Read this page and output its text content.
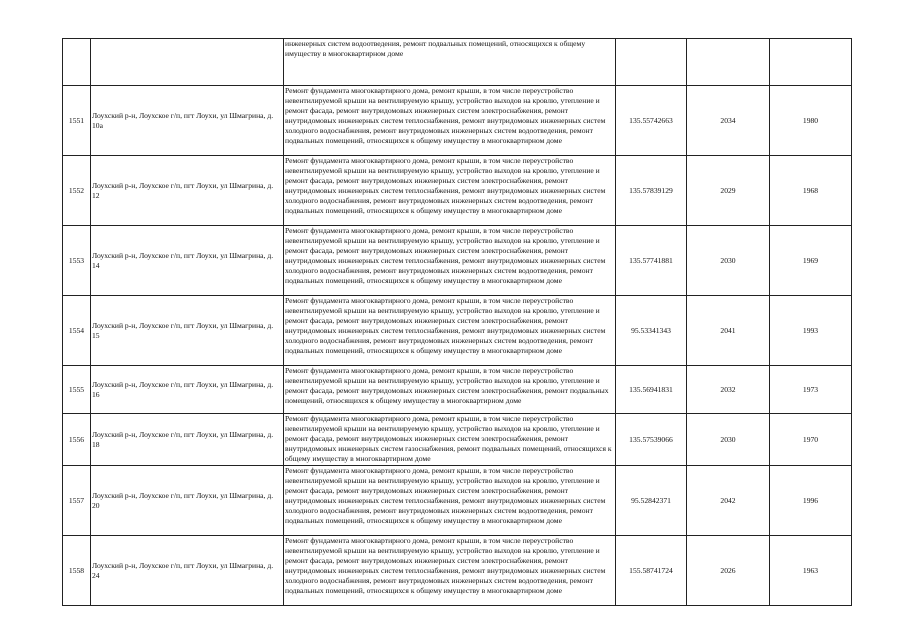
		инженерных систем водоотведения, ремонт подвальных помещений, относящихся к общему имуществу в многоквартирном доме			
1551	Лоухский р-н, Лоухское г/п, пгт Лоухи, ул Шмагрина, д. 10а	Ремонт фундамента многоквартирного дома, ремонт крыши, в том числе переустройство невентилируемой крыши на вентилируемую крышу, устройство выходов на кровлю, утепление и ремонт фасада, ремонт внутридомовых инженерных систем электроснабжения, ремонт внутридомовых инженерных систем теплоснабжения, ремонт внутридомовых инженерных систем холодного водоснабжения, ремонт внутридомовых инженерных систем водоотведения, ремонт подвальных помещений, относящихся к общему имуществу в многоквартирном доме	135.55742663	2034	1980
1552	Лоухский р-н, Лоухское г/п, пгт Лоухи, ул Шмагрина, д. 12	Ремонт фундамента многоквартирного дома, ремонт крыши, в том числе переустройство невентилируемой крыши на вентилируемую крышу, устройство выходов на кровлю, утепление и ремонт фасада, ремонт внутридомовых инженерных систем электроснабжения, ремонт внутридомовых инженерных систем теплоснабжения, ремонт внутридомовых инженерных систем холодного водоснабжения, ремонт внутридомовых инженерных систем водоотведения, ремонт подвальных помещений, относящихся к общему имуществу в многоквартирном доме	135.57839129	2029	1968
1553	Лоухский р-н, Лоухское г/п, пгт Лоухи, ул Шмагрина, д. 14	Ремонт фундамента многоквартирного дома, ремонт крыши, в том числе переустройство невентилируемой крыши на вентилируемую крышу, устройство выходов на кровлю, утепление и ремонт фасада, ремонт внутридомовых инженерных систем электроснабжения, ремонт внутридомовых инженерных систем теплоснабжения, ремонт внутридомовых инженерных систем холодного водоснабжения, ремонт внутридомовых инженерных систем водоотведения, ремонт подвальных помещений, относящихся к общему имуществу в многоквартирном доме	135.57741881	2030	1969
1554	Лоухский р-н, Лоухское г/п, пгт Лоухи, ул Шмагрина, д. 15	Ремонт фундамента многоквартирного дома, ремонт крыши, в том числе переустройство невентилируемой крыши на вентилируемую крышу, устройство выходов на кровлю, утепление и ремонт фасада, ремонт внутридомовых инженерных систем электроснабжения, ремонт внутридомовых инженерных систем теплоснабжения, ремонт внутридомовых инженерных систем холодного водоснабжения, ремонт внутридомовых инженерных систем водоотведения, ремонт подвальных помещений, относящихся к общему имуществу в многоквартирном доме	95.53341343	2041	1993
1555	Лоухский р-н, Лоухское г/п, пгт Лоухи, ул Шмагрина, д. 16	Ремонт фундамента многоквартирного дома, ремонт крыши, в том числе переустройство невентилируемой крыши на вентилируемую крышу, устройство выходов на кровлю, утепление и ремонт фасада, ремонт внутридомовых инженерных систем электроснабжения, ремонт подвальных помещений, относящихся к общему имуществу в многоквартирном доме	135.56941831	2032	1973
1556	Лоухский р-н, Лоухское г/п, пгт Лоухи, ул Шмагрина, д. 18	Ремонт фундамента многоквартирного дома, ремонт крыши, в том числе переустройство невентилируемой крыши на вентилируемую крышу, устройство выходов на кровлю, утепление и ремонт фасада, ремонт внутридомовых инженерных систем электроснабжения, ремонт внутридомовых инженерных систем газоснабжения, ремонт подвальных помещений, относящихся к общему имуществу в многоквартирном доме	135.57539066	2030	1970
1557	Лоухский р-н, Лоухское г/п, пгт Лоухи, ул Шмагрина, д. 20	Ремонт фундамента многоквартирного дома, ремонт крыши, в том числе переустройство невентилируемой крыши на вентилируемую крышу, устройство выходов на кровлю, утепление и ремонт фасада, ремонт внутридомовых инженерных систем электроснабжения, ремонт внутридомовых инженерных систем теплоснабжения, ремонт внутридомовых инженерных систем холодного водоснабжения, ремонт внутридомовых инженерных систем водоотведения, ремонт подвальных помещений, относящихся к общему имуществу в многоквартирном доме	95.52842371	2042	1996
1558	Лоухский р-н, Лоухское г/п, пгт Лоухи, ул Шмагрина, д. 24	Ремонт фундамента многоквартирного дома, ремонт крыши, в том числе переустройство невентилируемой крыши на вентилируемую крышу, устройство выходов на кровлю, утепление и ремонт фасада, ремонт внутридомовых инженерных систем электроснабжения, ремонт внутридомовых инженерных систем теплоснабжения, ремонт внутридомовых инженерных систем холодного водоснабжения, ремонт внутридомовых инженерных систем водоотведения, ремонт подвальных помещений, относящихся к общему имуществу в многоквартирном доме	155.58741724	2026	1963
